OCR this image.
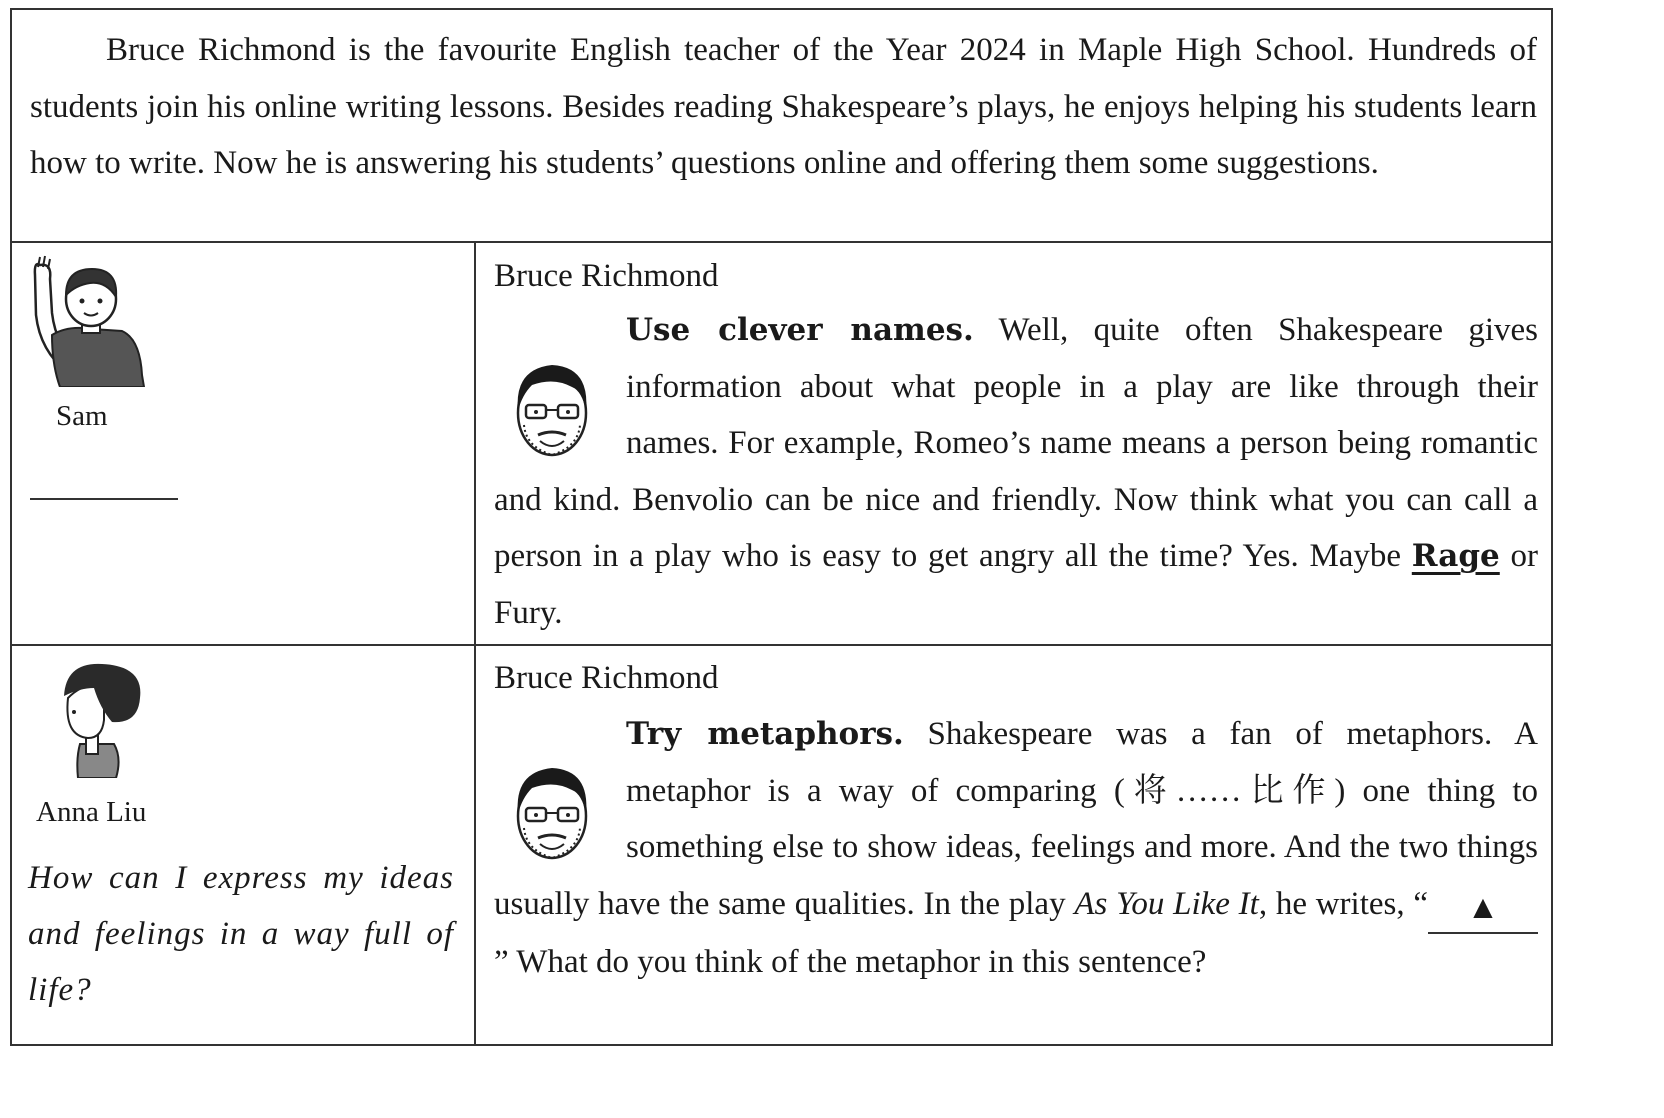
Bruce Richmond is the favourite English teacher of the Year 2024 in Maple High School. Hundreds of students join his online writing lessons. Besides reading Shakespeare’s plays, he enjoys helping his students learn how to write. Now he is answering his students’ questions online and offering them some suggestions.

Sam
Bruce Richmond
Use clever names. Well, quite often Shakespeare gives information about what people in a play are like through their names. For example, Romeo’s name means a person being romantic and kind. Benvolio can be nice and friendly. Now think what you can call a person in a play who is easy to get angry all the time? Yes. Maybe Rage or Fury.
Anna Liu
How can I express my ideas and feelings in a way full of life?
Bruce Richmond
Try metaphors. Shakespeare was a fan of metaphors. A metaphor is a way of comparing (将……比作) one thing to something else to show ideas, feelings and more. And the two things usually have the same qualities. In the play As You Like It, he writes, “ ▲” What do you think of the metaphor in this sentence?
